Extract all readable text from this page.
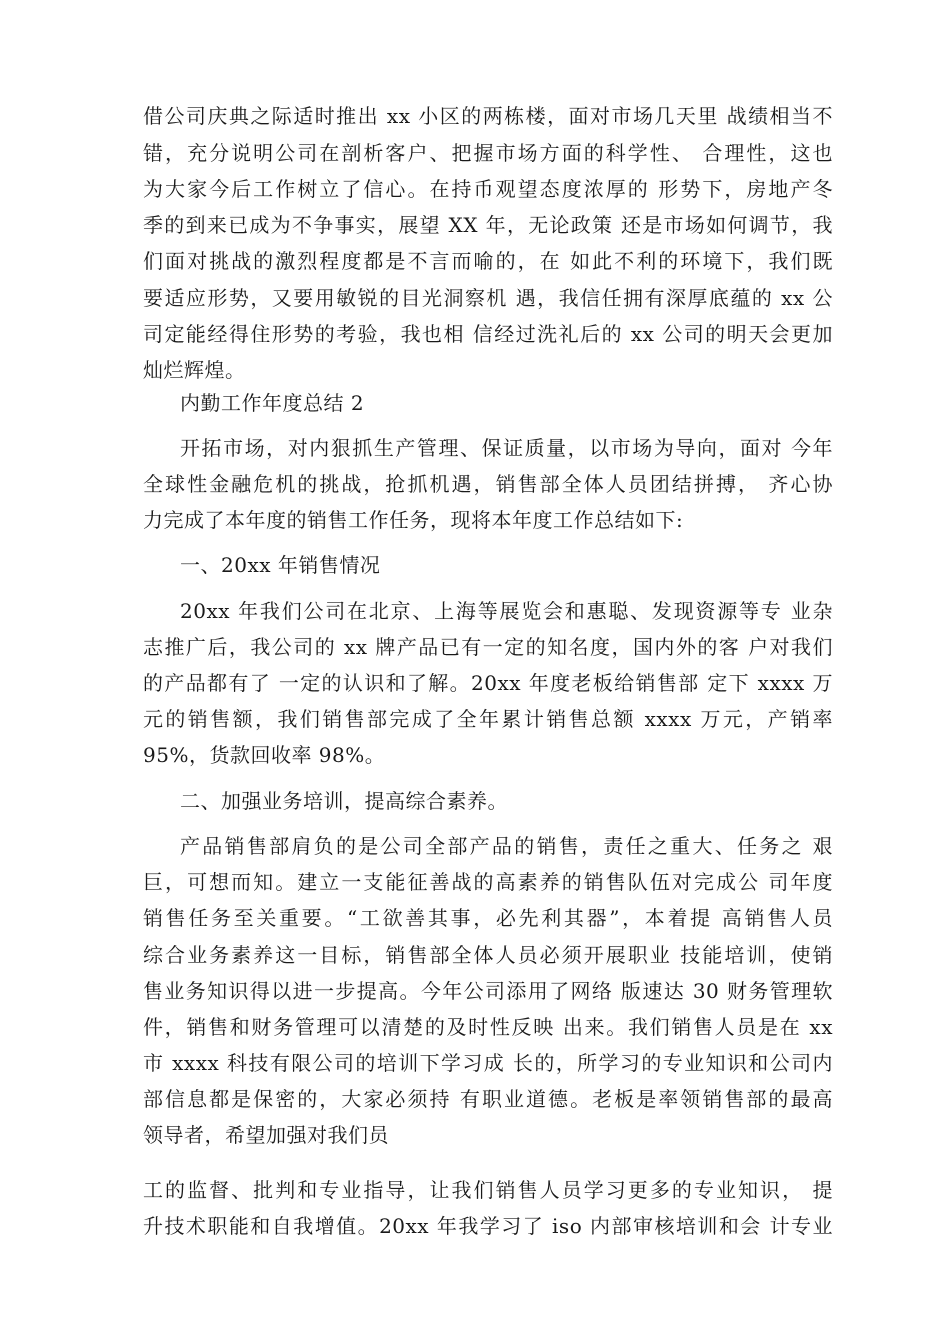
借公司庆典之际适时推出 xx 小区的两栋楼，面对市场几天里 战绩相当不
错，充分说明公司在剖析客户、把握市场方面的科学性、 合理性，这也
为大家今后工作树立了信心。在持币观望态度浓厚的 形势下，房地产冬
季的到来已成为不争事实，展望 XX 年，无论政策 还是市场如何调节，我
们面对挑战的激烈程度都是不言而喻的，在 如此不利的环境下，我们既
要适应形势，又要用敏锐的目光洞察机 遇，我信任拥有深厚底蕴的 xx 公
司定能经得住形势的考验，我也相 信经过洗礼后的 xx 公司的明天会更加
灿烂辉煌。
内勤工作年度总结 2
开拓市场，对内狠抓生产管理、保证质量，以市场为导向，面对 今年
全球性金融危机的挑战，抢抓机遇，销售部全体人员团结拼搏， 齐心协
力完成了本年度的销售工作任务，现将本年度工作总结如下:
一、20xx 年销售情况
20xx 年我们公司在北京、上海等展览会和惠聪、发现资源等专 业杂
志推广后，我公司的 xx 牌产品已有一定的知名度，国内外的客 户对我们
的产品都有了 一定的认识和了解。20xx 年度老板给销售部 定下 xxxx 万
元的销售额，我们销售部完成了全年累计销售总额 xxxx 万元，产销率
95%，货款回收率 98%。
二、加强业务培训，提高综合素养。
产品销售部肩负的是公司全部产品的销售，责任之重大、任务之 艰
巨，可想而知。建立一支能征善战的高素养的销售队伍对完成公 司年度
销售任务至关重要。“工欲善其事，必先利其器”，本着提 高销售人员
综合业务素养这一目标，销售部全体人员必须开展职业 技能培训，使销
售业务知识得以进一步提高。今年公司添用了网络 版速达 30 财务管理软
件，销售和财务管理可以清楚的及时性反映 出来。我们销售人员是在 xx
市 xxxx 科技有限公司的培训下学习成 长的，所学习的专业知识和公司内
部信息都是保密的，大家必须持 有职业道德。老板是率领销售部的最高
领导者，希望加强对我们员
工的监督、批判和专业指导，让我们销售人员学习更多的专业知识， 提
升技术职能和自我增值。20xx 年我学习了 iso 内部审核培训和会 计专业
